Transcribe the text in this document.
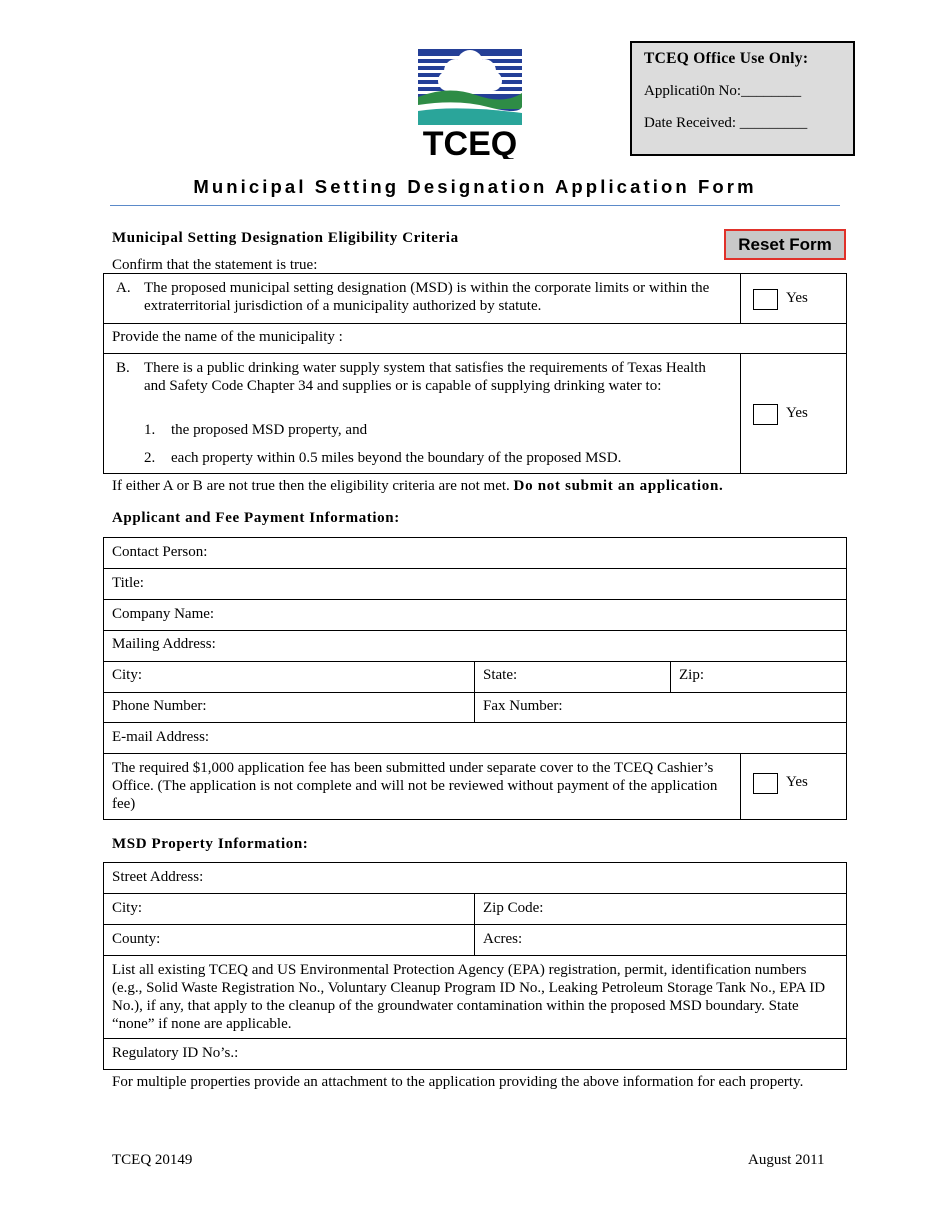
TCEQ
TCEQ Office Use Only:
Applicati0n No:________
Date Received: _________
Municipal Setting Designation Application Form
Municipal Setting Designation Eligibility Criteria	Reset Form
Confirm that the statement is true:
A. The proposed municipal setting designation (MSD) is within the corporate limits or within the extraterritorial jurisdiction of a municipality authorized by statute.	Yes
Provide the name of the municipality :
B. There is a public drinking water supply system that satisfies the requirements of Texas Health and Safety Code Chapter 34 and supplies or is capable of supplying drinking water to:
1.	the proposed MSD property, and
2.	each property within 0.5 miles beyond the boundary of the proposed MSD.
Yes
If either A or B are not true then the eligibility criteria are not met. Do not submit an application.
Applicant and Fee Payment Information:
Contact Person:
Title:
Company Name:
Mailing Address:
City:	State:	Zip:
Phone Number:	Fax Number:
E-mail Address:
The required $1,000 application fee has been submitted under separate cover to the TCEQ Cashier’s Office. (The application is not complete and will not be reviewed without payment of the application fee)
Yes
MSD Property Information:
Street Address:
City:	Zip Code:
County:	Acres:
List all existing TCEQ and US Environmental Protection Agency (EPA) registration, permit, identification numbers (e.g., Solid Waste Registration No., Voluntary Cleanup Program ID No., Leaking Petroleum Storage Tank No., EPA ID No.), if any, that apply to the cleanup of the groundwater contamination within the proposed MSD boundary. State “none” if none are applicable.
Regulatory ID No’s.:
For multiple properties provide an attachment to the application providing the above information for each property.
TCEQ 20149	August 2011
